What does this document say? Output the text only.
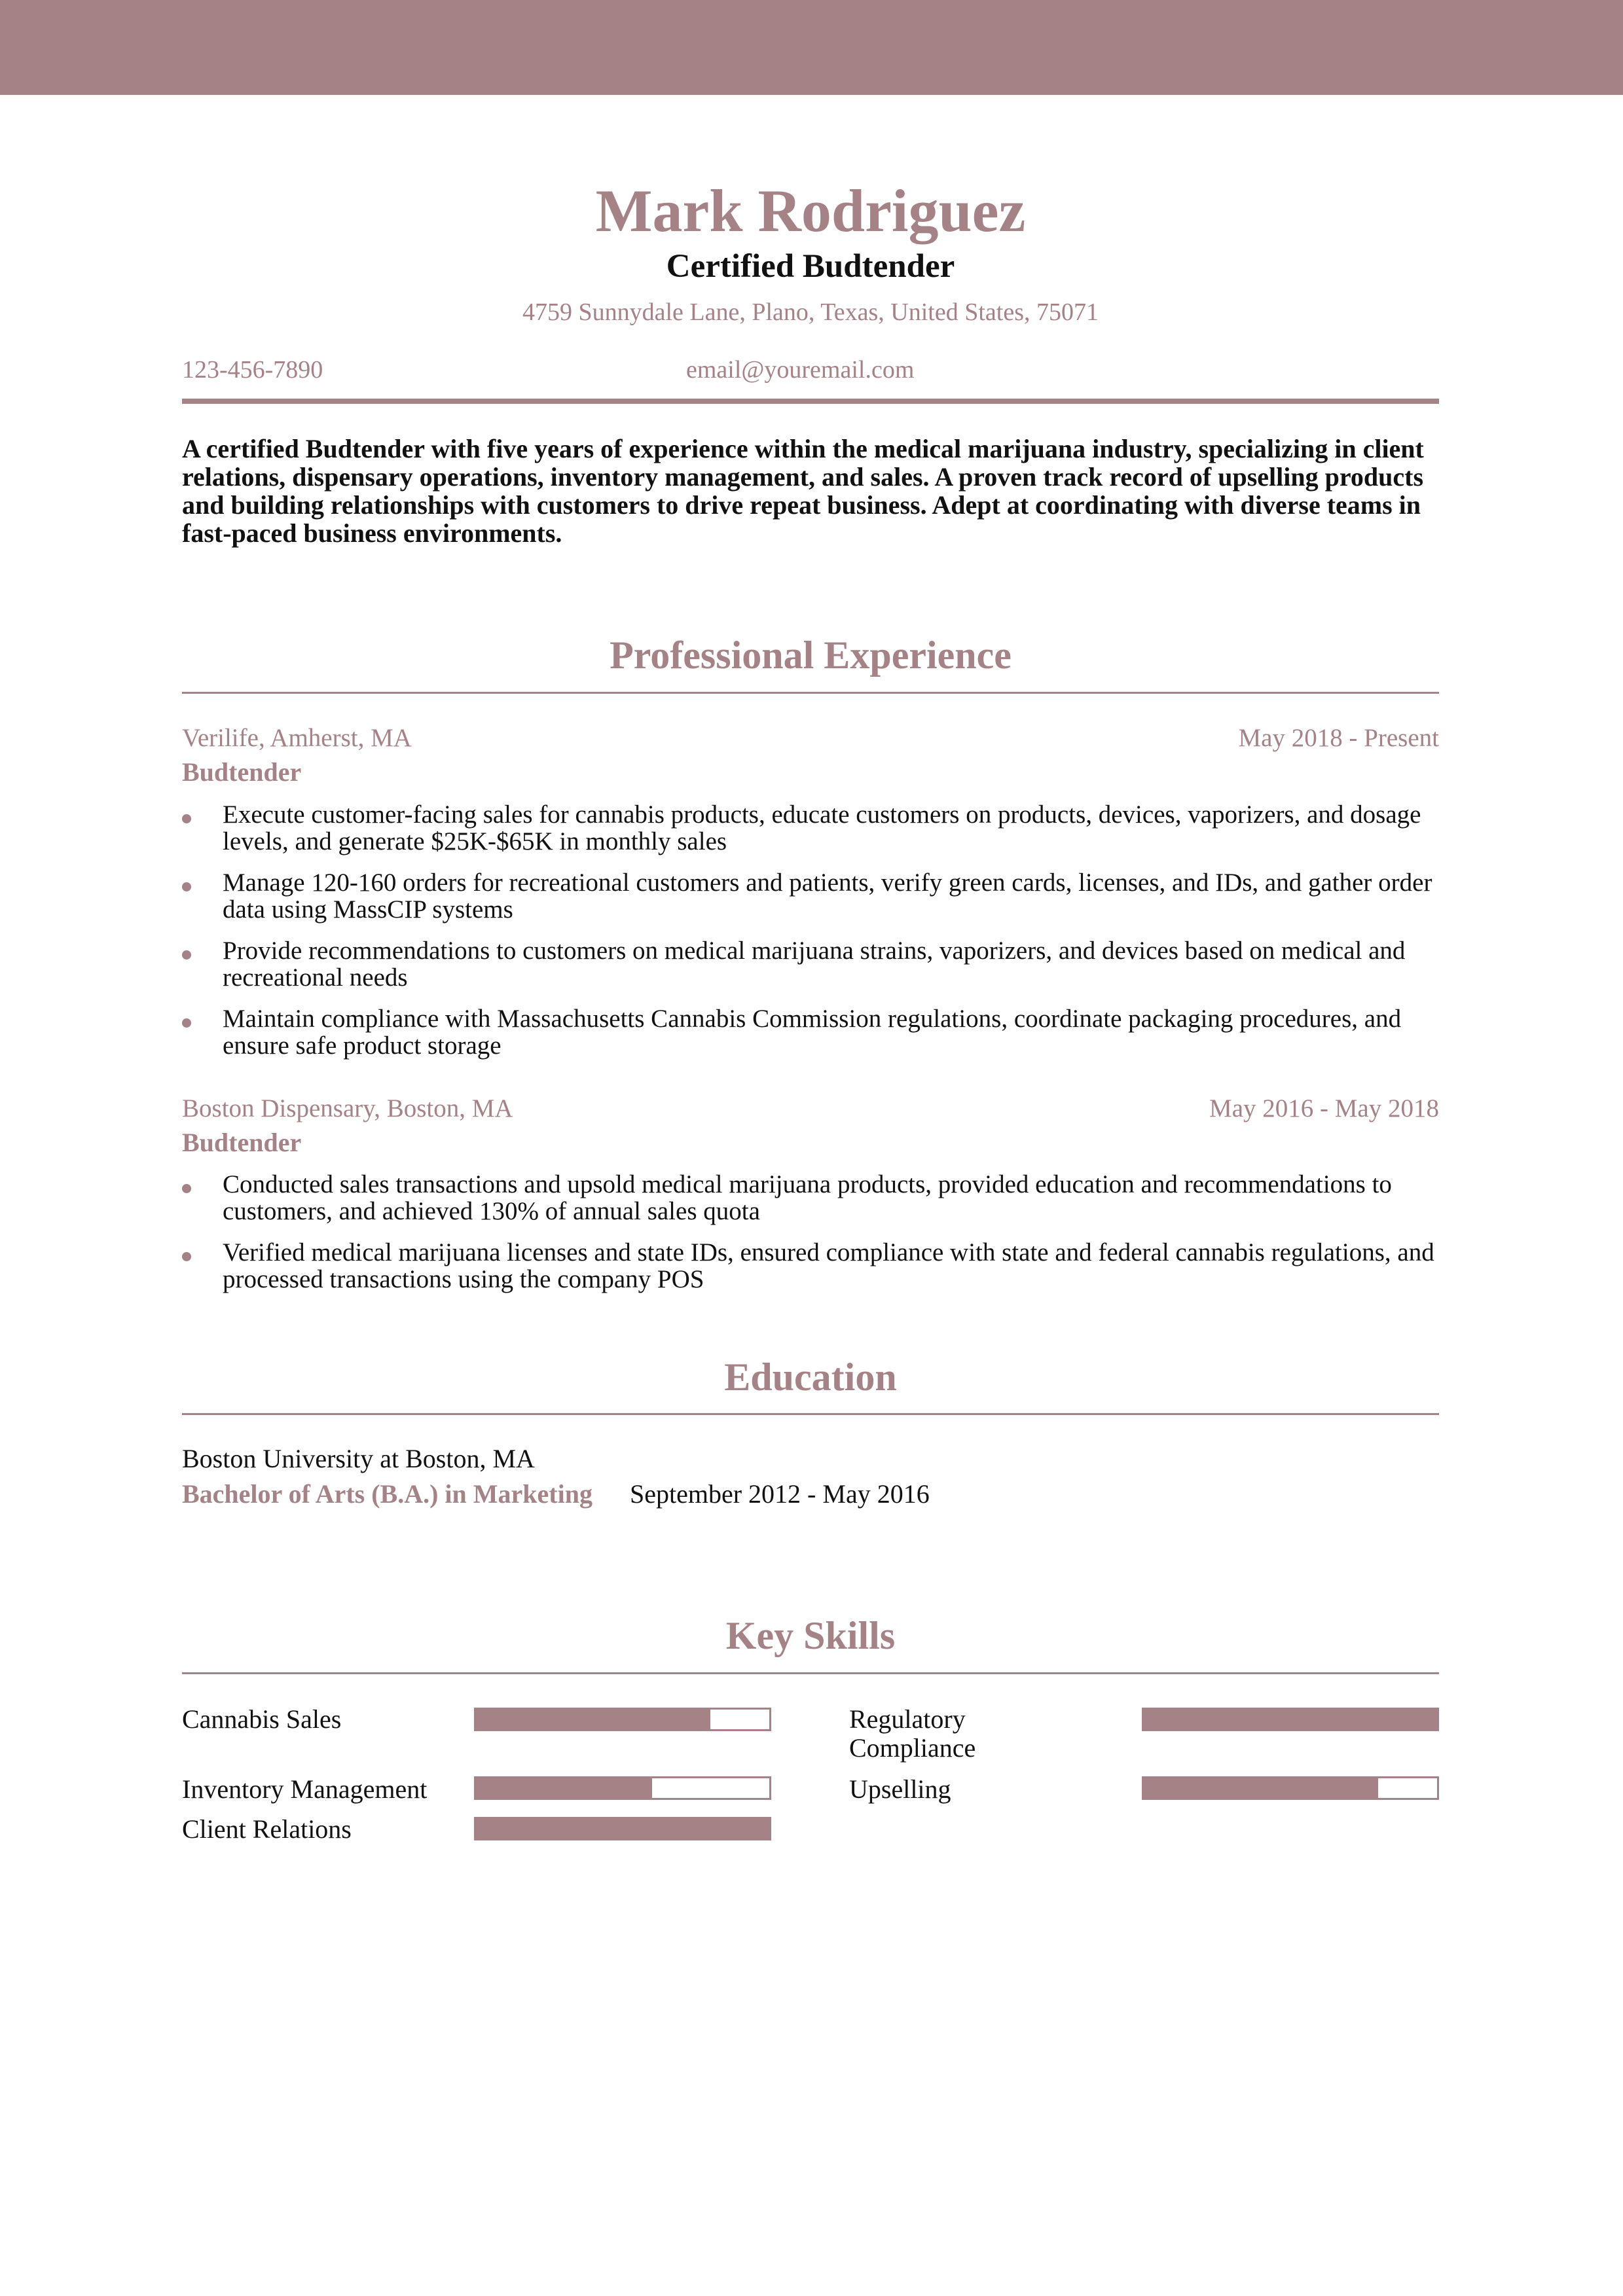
Mark Rodriguez
Certified Budtender
4759 Sunnydale Lane, Plano, Texas, United States, 75071
123-456-7890	email@youremail.com
A certified Budtender with five years of experience within the medical marijuana industry, specializing in client relations, dispensary operations, inventory management, and sales. A proven track record of upselling products and building relationships with customers to drive repeat business. Adept at coordinating with diverse teams in fast-paced business environments.
Professional Experience
Verilife, Amherst, MA	May 2018 - Present
Budtender
Execute customer-facing sales for cannabis products, educate customers on products, devices, vaporizers, and dosage levels, and generate $25K-$65K in monthly sales
Manage 120-160 orders for recreational customers and patients, verify green cards, licenses, and IDs, and gather order data using MassCIP systems
Provide recommendations to customers on medical marijuana strains, vaporizers, and devices based on medical and recreational needs
Maintain compliance with Massachusetts Cannabis Commission regulations, coordinate packaging procedures, and ensure safe product storage
Boston Dispensary, Boston, MA	May 2016 - May 2018
Budtender
Conducted sales transactions and upsold medical marijuana products, provided education and recommendations to customers, and achieved 130% of annual sales quota
Verified medical marijuana licenses and state IDs, ensured compliance with state and federal cannabis regulations, and processed transactions using the company POS
Education
Boston University at Boston, MA
Bachelor of Arts (B.A.) in Marketing September 2012 - May 2016
Key Skills
Cannabis Sales	Regulatory Compliance
Inventory Management	Upselling
Client Relations
